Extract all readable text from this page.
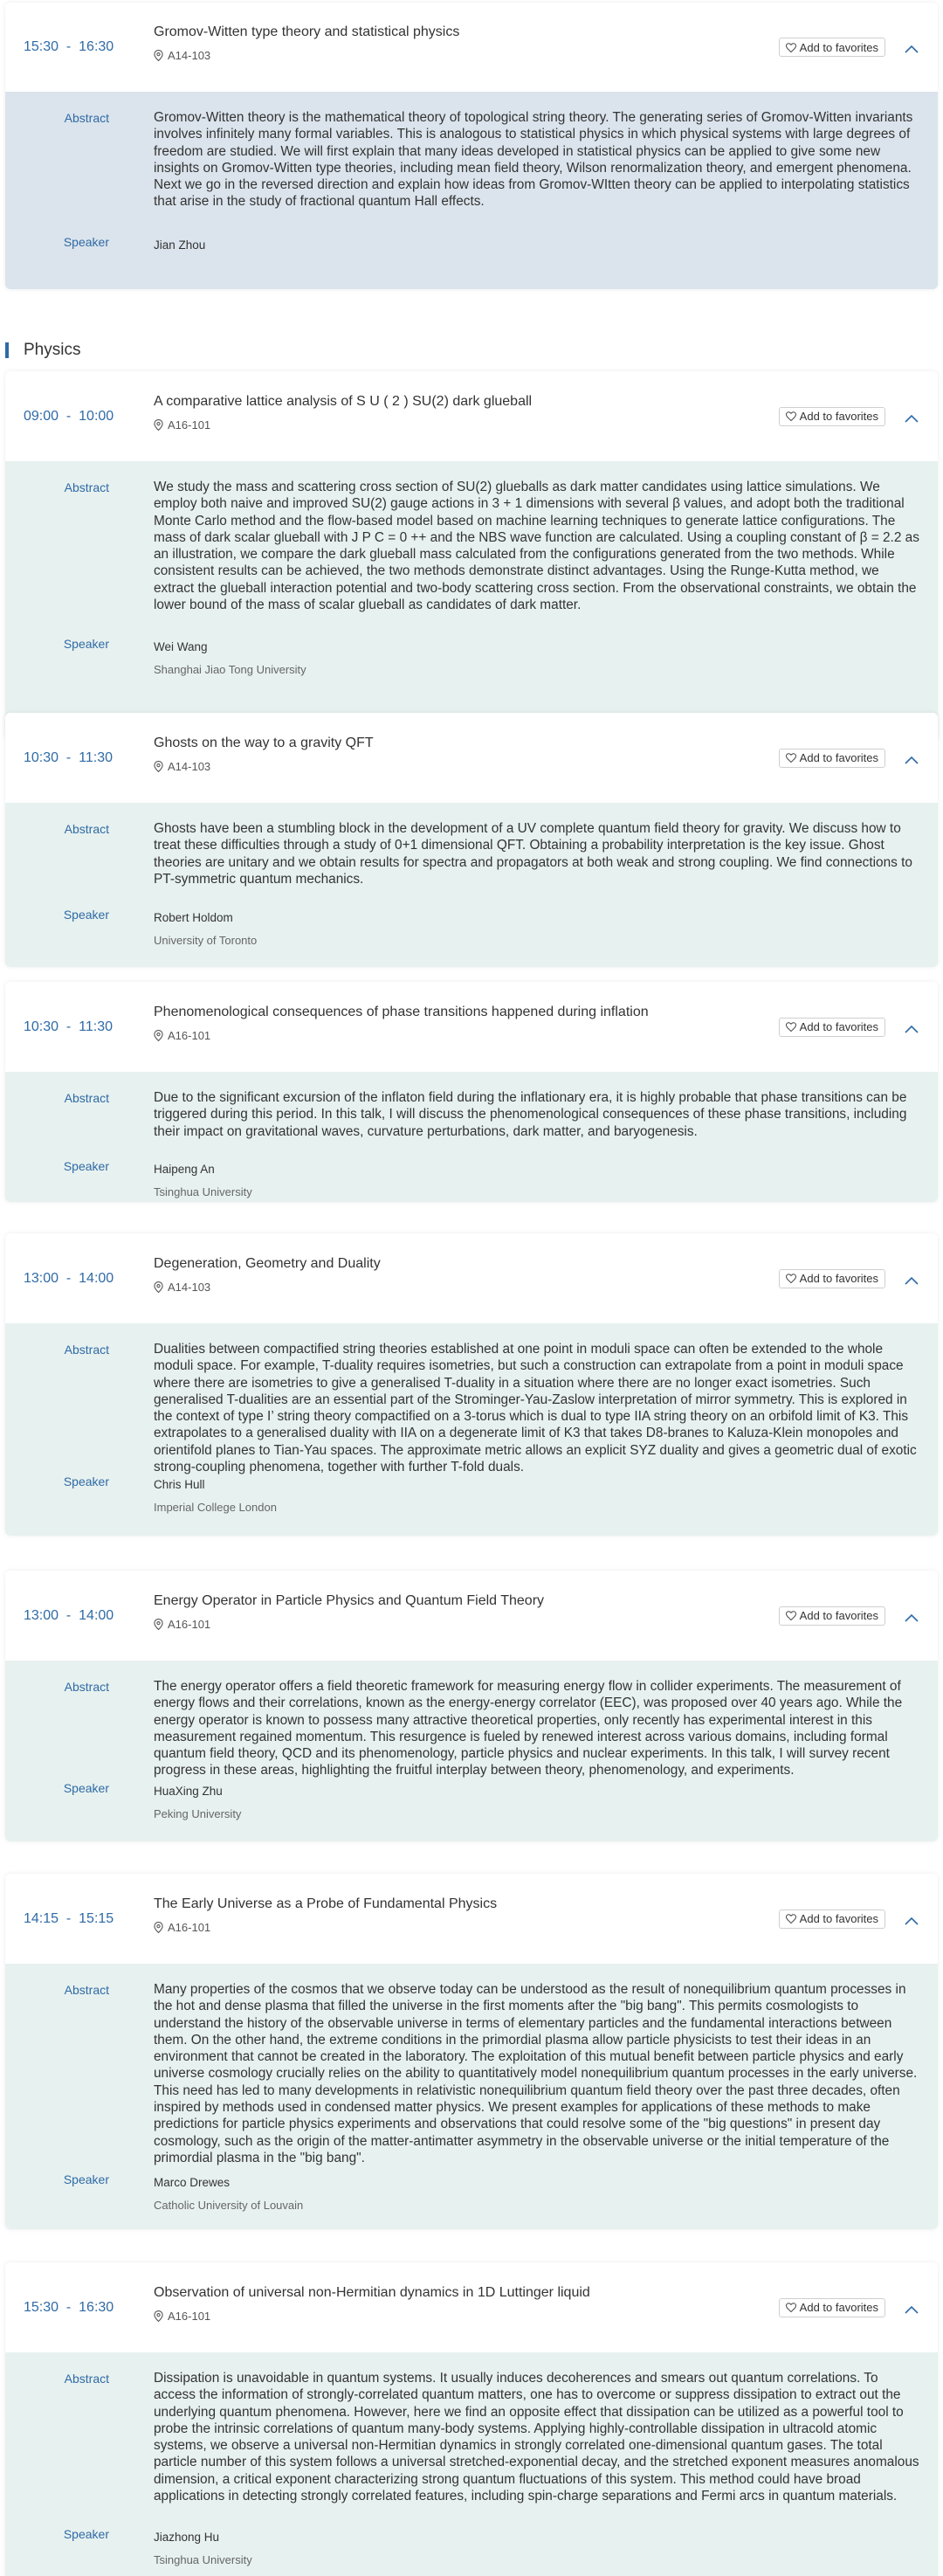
Physics
15:30  -  16:30
Gromov-Witten type theory and statistical physics
A14-103
Add to favorites
Abstract	Gromov-Witten theory is the mathematical theory of topological string theory. The generating series of Gromov-Witten invariants involves infinitely many formal variables. This is analogous to statistical physics in which physical systems with large degrees of freedom are studied. We will first explain that many ideas developed in statistical physics can be applied to give some new insights on Gromov-Witten type theories, including mean field theory, Wilson renormalization theory, and emergent phenomena. Next we go in the reversed direction and explain how ideas from Gromov-WItten theory can be applied to interpolating statistics that arise in the study of fractional quantum Hall effects.
Speaker	Jian Zhou
09:00  -  10:00
A comparative lattice analysis of S U ( 2 ) SU(2) dark glueball
A16-101
Add to favorites
Abstract	We study the mass and scattering cross section of SU(2) glueballs as dark matter candidates using lattice simulations. We employ both naive and improved SU(2) gauge actions in 3 + 1 dimensions with several β values, and adopt both the traditional Monte Carlo method and the flow-based model based on machine learning techniques to generate lattice configurations. The mass of dark scalar glueball with J P C = 0 ++ and the NBS wave function are calculated. Using a coupling constant of β = 2.2 as an illustration, we compare the dark glueball mass calculated from the configurations generated from the two methods. While consistent results can be achieved, the two methods demonstrate distinct advantages. Using the Runge-Kutta method, we extract the glueball interaction potential and two-body scattering cross section. From the observational constraints, we obtain the lower bound of the mass of scalar glueball as candidates of dark matter.
Speaker	Wei Wang
Shanghai Jiao Tong University
10:30  -  11:30
Ghosts on the way to a gravity QFT
A14-103
Add to favorites
Abstract	Ghosts have been a stumbling block in the development of a UV complete quantum field theory for gravity. We discuss how to treat these difficulties through a study of 0+1 dimensional QFT. Obtaining a probability interpretation is the key issue. Ghost theories are unitary and we obtain results for spectra and propagators at both weak and strong coupling. We find connections to PT-symmetric quantum mechanics.
Speaker	Robert Holdom
University of Toronto
10:30  -  11:30
Phenomenological consequences of phase transitions happened during inflation
A16-101
Add to favorites
Abstract	Due to the significant excursion of the inflaton field during the inflationary era, it is highly probable that phase transitions can be triggered during this period. In this talk, I will discuss the phenomenological consequences of these phase transitions, including their impact on gravitational waves, curvature perturbations, dark matter, and baryogenesis.
Speaker	Haipeng An
Tsinghua University
13:00  -  14:00
Degeneration, Geometry and Duality
A14-103
Add to favorites
Abstract	Dualities between compactified string theories established at one point in moduli space can often be extended to the whole moduli space. For example, T-duality requires isometries, but such a construction can extrapolate from a point in moduli space where there are isometries to give a generalised T-duality in a situation where there are no longer exact isometries. Such generalised T-dualities are an essential part of the Strominger-Yau-Zaslow interpretation of mirror symmetry. This is explored in the context of type I’ string theory compactified on a 3-torus which is dual to type IIA string theory on an orbifold limit of K3. This extrapolates to a generalised duality with IIA on a degenerate limit of K3 that takes D8-branes to Kaluza-Klein monopoles and orientifold planes to Tian-Yau spaces. The approximate metric allows an explicit SYZ duality and gives a geometric dual of exotic strong-coupling phenomena, together with further T-fold duals.
Speaker	Chris Hull
Imperial College London
13:00  -  14:00
Energy Operator in Particle Physics and Quantum Field Theory
A16-101
Add to favorites
Abstract	The energy operator offers a field theoretic framework for measuring energy flow in collider experiments. The measurement of energy flows and their correlations, known as the energy-energy correlator (EEC), was proposed over 40 years ago. While the energy operator is known to possess many attractive theoretical properties, only recently has experimental interest in this measurement regained momentum. This resurgence is fueled by renewed interest across various domains, including formal quantum field theory, QCD and its phenomenology, particle physics and nuclear experiments. In this talk, I will survey recent progress in these areas, highlighting the fruitful interplay between theory, phenomenology, and experiments.
Speaker	HuaXing Zhu
Peking University
14:15  -  15:15
The Early Universe as a Probe of Fundamental Physics
A16-101
Add to favorites
Abstract	Many properties of the cosmos that we observe today can be understood as the result of nonequilibrium quantum processes in the hot and dense plasma that filled the universe in the first moments after the "big bang". This permits cosmologists to understand the history of the observable universe in terms of elementary particles and the fundamental interactions between them. On the other hand, the extreme conditions in the primordial plasma allow particle physicists to test their ideas in an environment that cannot be created in the laboratory. The exploitation of this mutual benefit between particle physics and early universe cosmology crucially relies on the ability to quantitatively model nonequilibrium quantum processes in the early universe. This need has led to many developments in relativistic nonequilibrium quantum field theory over the past three decades, often inspired by methods used in condensed matter physics. We present examples for applications of these methods to make predictions for particle physics experiments and observations that could resolve some of the "big questions" in present day cosmology, such as the origin of the matter-antimatter asymmetry in the observable universe or the initial temperature of the primordial plasma in the "big bang".
Speaker	Marco Drewes
Catholic University of Louvain
15:30  -  16:30
Observation of universal non-Hermitian dynamics in 1D Luttinger liquid
A16-101
Add to favorites
Abstract	Dissipation is unavoidable in quantum systems. It usually induces decoherences and smears out quantum correlations. To access the information of strongly-correlated quantum matters, one has to overcome or suppress dissipation to extract out the underlying quantum phenomena. However, here we find an opposite effect that dissipation can be utilized as a powerful tool to probe the intrinsic correlations of quantum many-body systems. Applying highly-controllable dissipation in ultracold atomic systems, we observe a universal non-Hermitian dynamics in strongly correlated one-dimensional quantum gases. The total particle number of this system follows a universal stretched-exponential decay, and the stretched exponent measures anomalous dimension, a critical exponent characterizing strong quantum fluctuations of this system. This method could have broad applications in detecting strongly correlated features, including spin-charge separations and Fermi arcs in quantum materials.
Speaker	Jiazhong Hu
Tsinghua University
